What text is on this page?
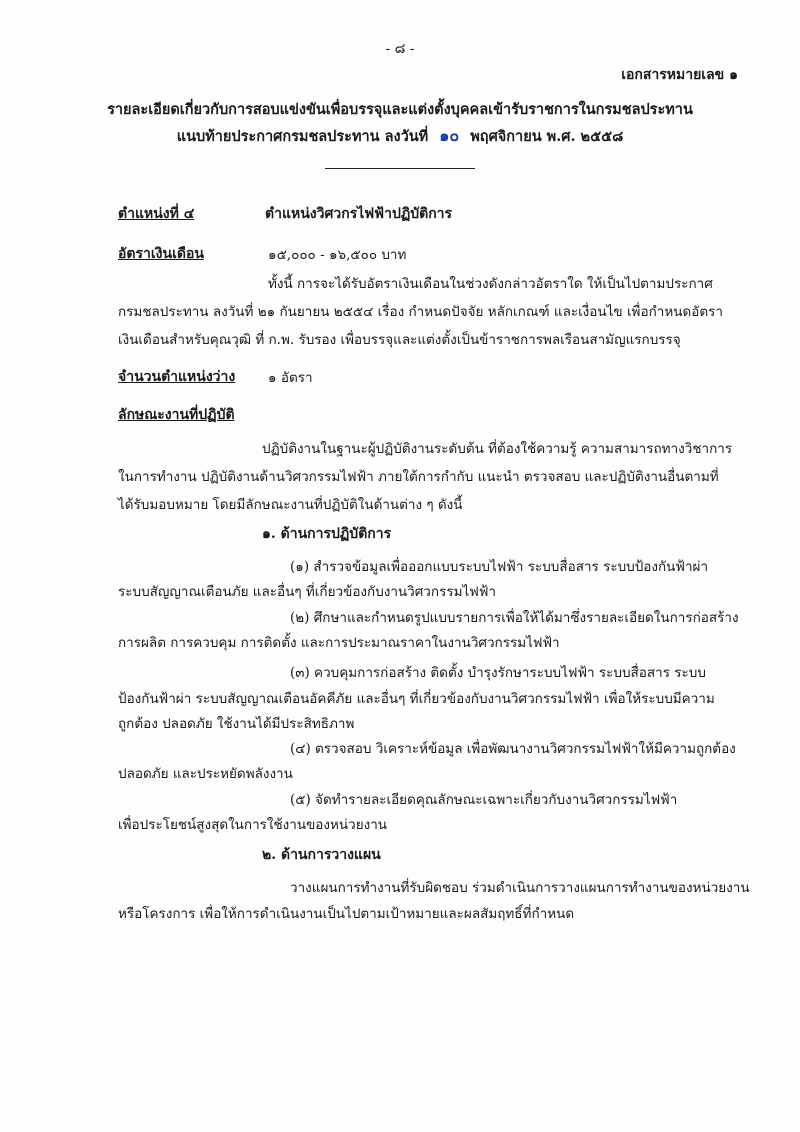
- ๘ -
เอกสารหมายเลข ๑
รายละเอียดเกี่ยวกับการสอบแข่งขันเพื่อบรรจุและแต่งตั้งบุคคลเข้ารับราชการในกรมชลประทาน
แนบท้ายประกาศกรมชลประทาน ลงวันที่ ๑๐ พฤศจิกายน พ.ศ. ๒๕๕๘
ตำแหน่งที่ ๔	ตำแหน่งวิศวกรไฟฟ้าปฏิบัติการ
อัตราเงินเดือน	๑๕,๐๐๐ - ๑๖,๕๐๐ บาท
ทั้งนี้ การจะได้รับอัตราเงินเดือนในช่วงดังกล่าวอัตราใด ให้เป็นไปตามประกาศ
กรมชลประทาน ลงวันที่ ๒๑ กันยายน ๒๕๕๔ เรื่อง กำหนดปัจจัย หลักเกณฑ์ และเงื่อนไข เพื่อกำหนดอัตรา
เงินเดือนสำหรับคุณวุฒิ ที่ ก.พ. รับรอง เพื่อบรรจุและแต่งตั้งเป็นข้าราชการพลเรือนสามัญแรกบรรจุ
จำนวนตำแหน่งว่าง ๑ อัตรา
ลักษณะงานที่ปฏิบัติ
ปฏิบัติงานในฐานะผู้ปฏิบัติงานระดับต้น ที่ต้องใช้ความรู้ ความสามารถทางวิชาการ
ในการทำงาน ปฏิบัติงานด้านวิศวกรรมไฟฟ้า ภายใต้การกำกับ แนะนำ ตรวจสอบ และปฏิบัติงานอื่นตามที่
ได้รับมอบหมาย โดยมีลักษณะงานที่ปฏิบัติในด้านต่าง ๆ ดังนี้
๑. ด้านการปฏิบัติการ
(๑) สำรวจข้อมูลเพื่อออกแบบระบบไฟฟ้า ระบบสื่อสาร ระบบป้องกันฟ้าผ่า
ระบบสัญญาณเตือนภัย และอื่นๆ ที่เกี่ยวข้องกับงานวิศวกรรมไฟฟ้า
(๒) ศึกษาและกำหนดรูปแบบรายการเพื่อให้ได้มาซึ่งรายละเอียดในการก่อสร้าง
การผลิต การควบคุม การติดตั้ง และการประมาณราคาในงานวิศวกรรมไฟฟ้า
(๓) ควบคุมการก่อสร้าง ติดตั้ง บำรุงรักษาระบบไฟฟ้า ระบบสื่อสาร ระบบ
ป้องกันฟ้าผ่า ระบบสัญญาณเตือนอัคคีภัย และอื่นๆ ที่เกี่ยวข้องกับงานวิศวกรรมไฟฟ้า เพื่อให้ระบบมีความ
ถูกต้อง ปลอดภัย ใช้งานได้มีประสิทธิภาพ
(๔) ตรวจสอบ วิเคราะห์ข้อมูล เพื่อพัฒนางานวิศวกรรมไฟฟ้าให้มีความถูกต้อง
ปลอดภัย และประหยัดพลังงาน
(๕) จัดทำรายละเอียดคุณลักษณะเฉพาะเกี่ยวกับงานวิศวกรรมไฟฟ้า
เพื่อประโยชน์สูงสุดในการใช้งานของหน่วยงาน
๒. ด้านการวางแผน
วางแผนการทำงานที่รับผิดชอบ ร่วมดำเนินการวางแผนการทำงานของหน่วยงาน
หรือโครงการ เพื่อให้การดำเนินงานเป็นไปตามเป้าหมายและผลสัมฤทธิ์ที่กำหนด
